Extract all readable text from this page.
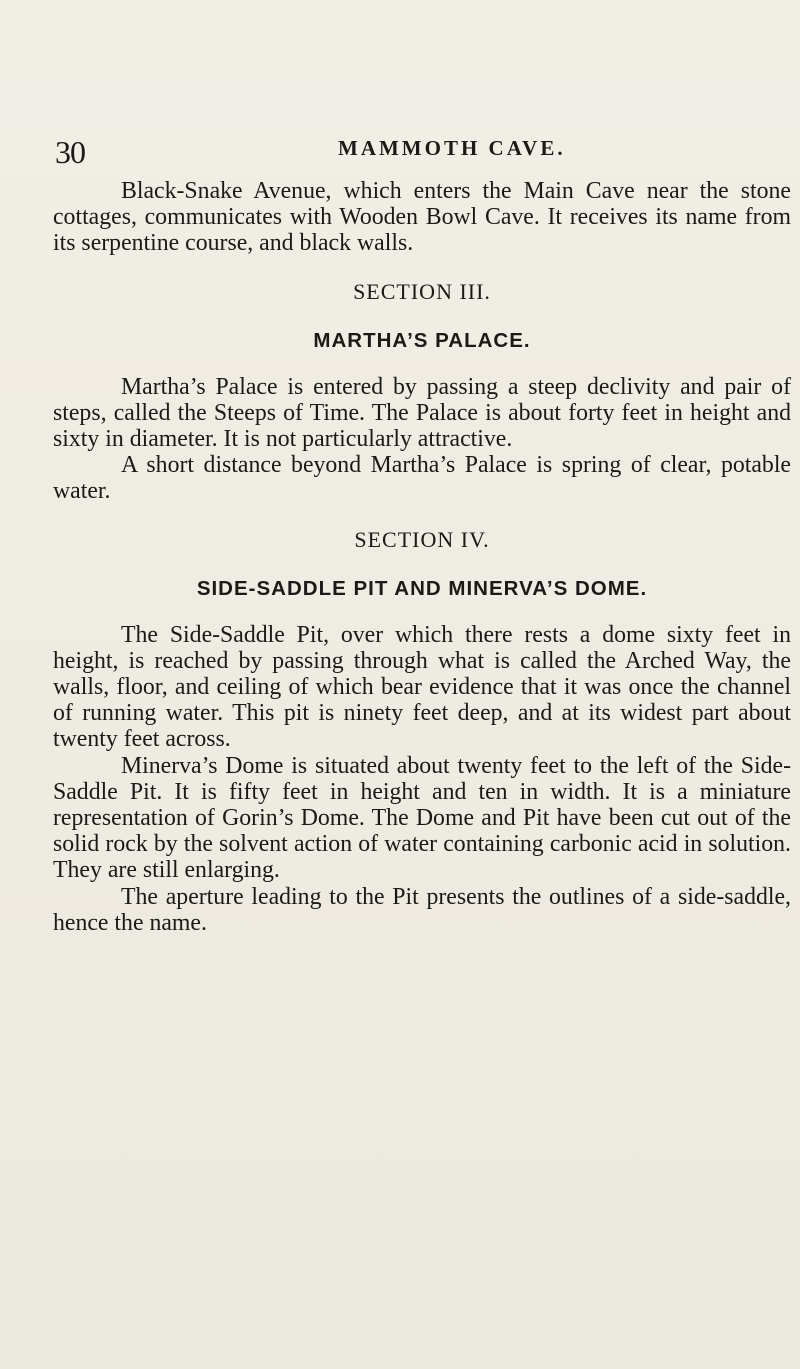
30	MAMMOTH CAVE.

Black-Snake Avenue, which enters the Main Cave near the stone cottages, communicates with Wooden Bowl Cave. It receives its name from its serpentine course, and black walls.

SECTION III.
MARTHA’S PALACE.

Martha’s Palace is entered by passing a steep declivity and pair of steps, called the Steeps of Time. The Palace is about forty feet in height and sixty in diameter. It is not particularly attractive.

A short distance beyond Martha’s Palace is spring of clear, potable water.

SECTION IV.
SIDE-SADDLE PIT AND MINERVA’S DOME.

The Side-Saddle Pit, over which there rests a dome sixty feet in height, is reached by passing through what is called the Arched Way, the walls, floor, and ceiling of which bear evidence that it was once the channel of running water. This pit is ninety feet deep, and at its widest part about twenty feet across.

Minerva’s Dome is situated about twenty feet to the left of the Side-Saddle Pit. It is fifty feet in height and ten in width. It is a miniature representation of Gorin’s Dome. The Dome and Pit have been cut out of the solid rock by the solvent action of water containing carbonic acid in solution. They are still enlarging.

The aperture leading to the Pit presents the outlines of a side-saddle, hence the name.
